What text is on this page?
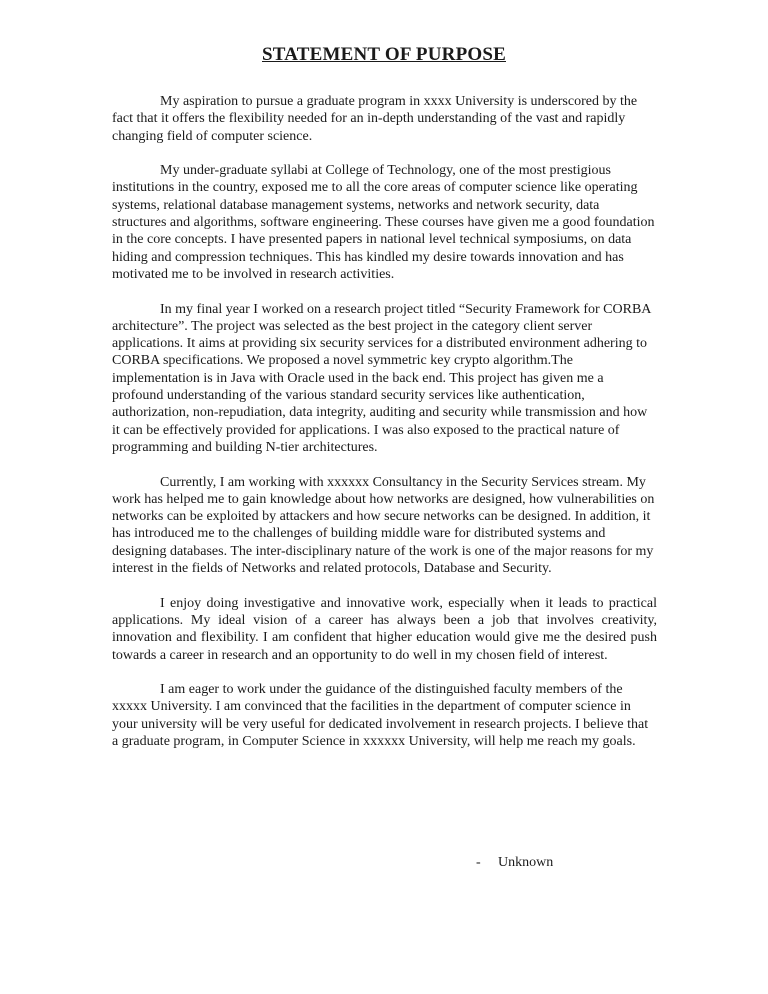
STATEMENT OF PURPOSE

My aspiration to pursue a graduate program in xxxx University is underscored by the fact that it offers the flexibility needed for an in-depth understanding of the vast and rapidly changing field of computer science.

My under-graduate syllabi at College of Technology, one of the most prestigious institutions in the country, exposed me to all the core areas of computer science like operating systems, relational database management systems, networks and network security, data structures and algorithms, software engineering. These courses have given me a good foundation in the core concepts. I have presented papers in national level technical symposiums, on data hiding and compression techniques. This has kindled my desire towards innovation and has motivated me to be involved in research activities.

In my final year I worked on a research project titled “Security Framework for CORBA architecture”. The project was selected as the best project in the category client server applications. It aims at providing six security services for a distributed environment adhering to CORBA specifications. We proposed a novel symmetric key crypto algorithm.The implementation is in Java with Oracle used in the back end. This project has given me a profound understanding of the various standard security services like authentication, authorization, non-repudiation, data integrity, auditing and security while transmission and how it can be effectively provided for applications. I was also exposed to the practical nature of programming and building N-tier architectures.

Currently, I am working with xxxxxx Consultancy in the Security Services stream. My work has helped me to gain knowledge about how networks are designed, how vulnerabilities on networks can be exploited by attackers and how secure networks can be designed. In addition, it has introduced me to the challenges of building middle ware for distributed systems and designing databases. The inter-disciplinary nature of the work is one of the major reasons for my interest in the fields of Networks and related protocols, Database and Security.

I enjoy doing investigative and innovative work, especially when it leads to practical applications. My ideal vision of a career has always been a job that involves creativity, innovation and flexibility. I am confident that higher education would give me the desired push towards a career in research and an opportunity to do well in my chosen field of interest.

I am eager to work under the guidance of the distinguished faculty members of the xxxxx University. I am convinced that the facilities in the department of computer science in your university will be very useful for dedicated involvement in research projects. I believe that a graduate program, in Computer Science in xxxxxx University, will help me reach my goals.

- Unknown
